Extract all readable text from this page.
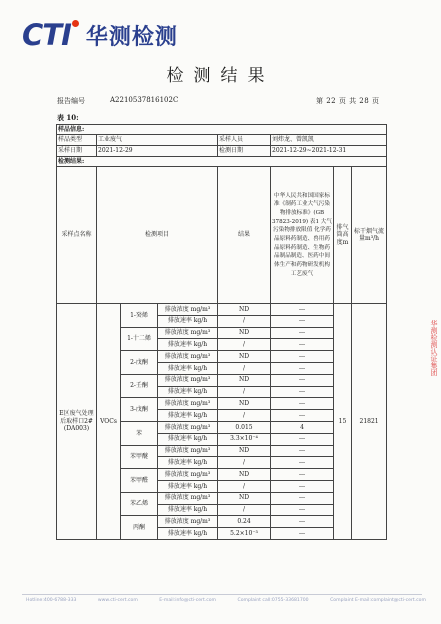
CTI 华测检测
检测结果
报告编号	A2210537816102C	第 22 页 共 28 页
表 10:
样品信息:							
样品类型	工业废气			采样人员	刘炜龙、曾凯凯		
采样日期	2021-12-29			检测日期	2021-12-29~2021-12-31		
检测结果:							
采样点名称	检测项目			结果	中华人民共和国国家标准《制药工业大气污染物排放标准》(GB 37823-2019) 表1 大气污染物排放限值 化学药品原料药制造、兽用药品原料药制造、生物药品制品制造、医药中间体生产和药物研发机构工艺废气	排气筒高度m	标干烟气流量m³/h
E区废气处理后取样口2#(DA003)	VOCs	1-癸烯	排放浓度 mg/m³	ND	---	15	21821
			排放速率 kg/h	/	---		
		1-十二烯	排放浓度 mg/m³	ND	---		
			排放速率 kg/h	/	---		
		2-戊酮	排放浓度 mg/m³	ND	---		
			排放速率 kg/h	/	---		
		2-壬酮	排放浓度 mg/m³	ND	---		
			排放速率 kg/h	/	---		
		3-戊酮	排放浓度 mg/m³	ND	---		
			排放速率 kg/h	/	---		
		苯	排放浓度 mg/m³	0.015	4		
			排放速率 kg/h	3.3×10⁻⁴	---		
		苯甲醚	排放浓度 mg/m³	ND	---		
			排放速率 kg/h	/	---		
		苯甲醛	排放浓度 mg/m³	ND	---		
			排放速率 kg/h	/	---		
		苯乙烯	排放浓度 mg/m³	ND	---		
			排放速率 kg/h	/	---		
		丙酮	排放浓度 mg/m³	0.24	---		
			排放速率 kg/h	5.2×10⁻³	---		
华测检测认证集团
Hotline:400-6788-333	www.cti-cert.com	E-mail:info@cti-cert.com	Complaint call:0755-33681700	Complaint E-mail:complaint@cti-cert.com
